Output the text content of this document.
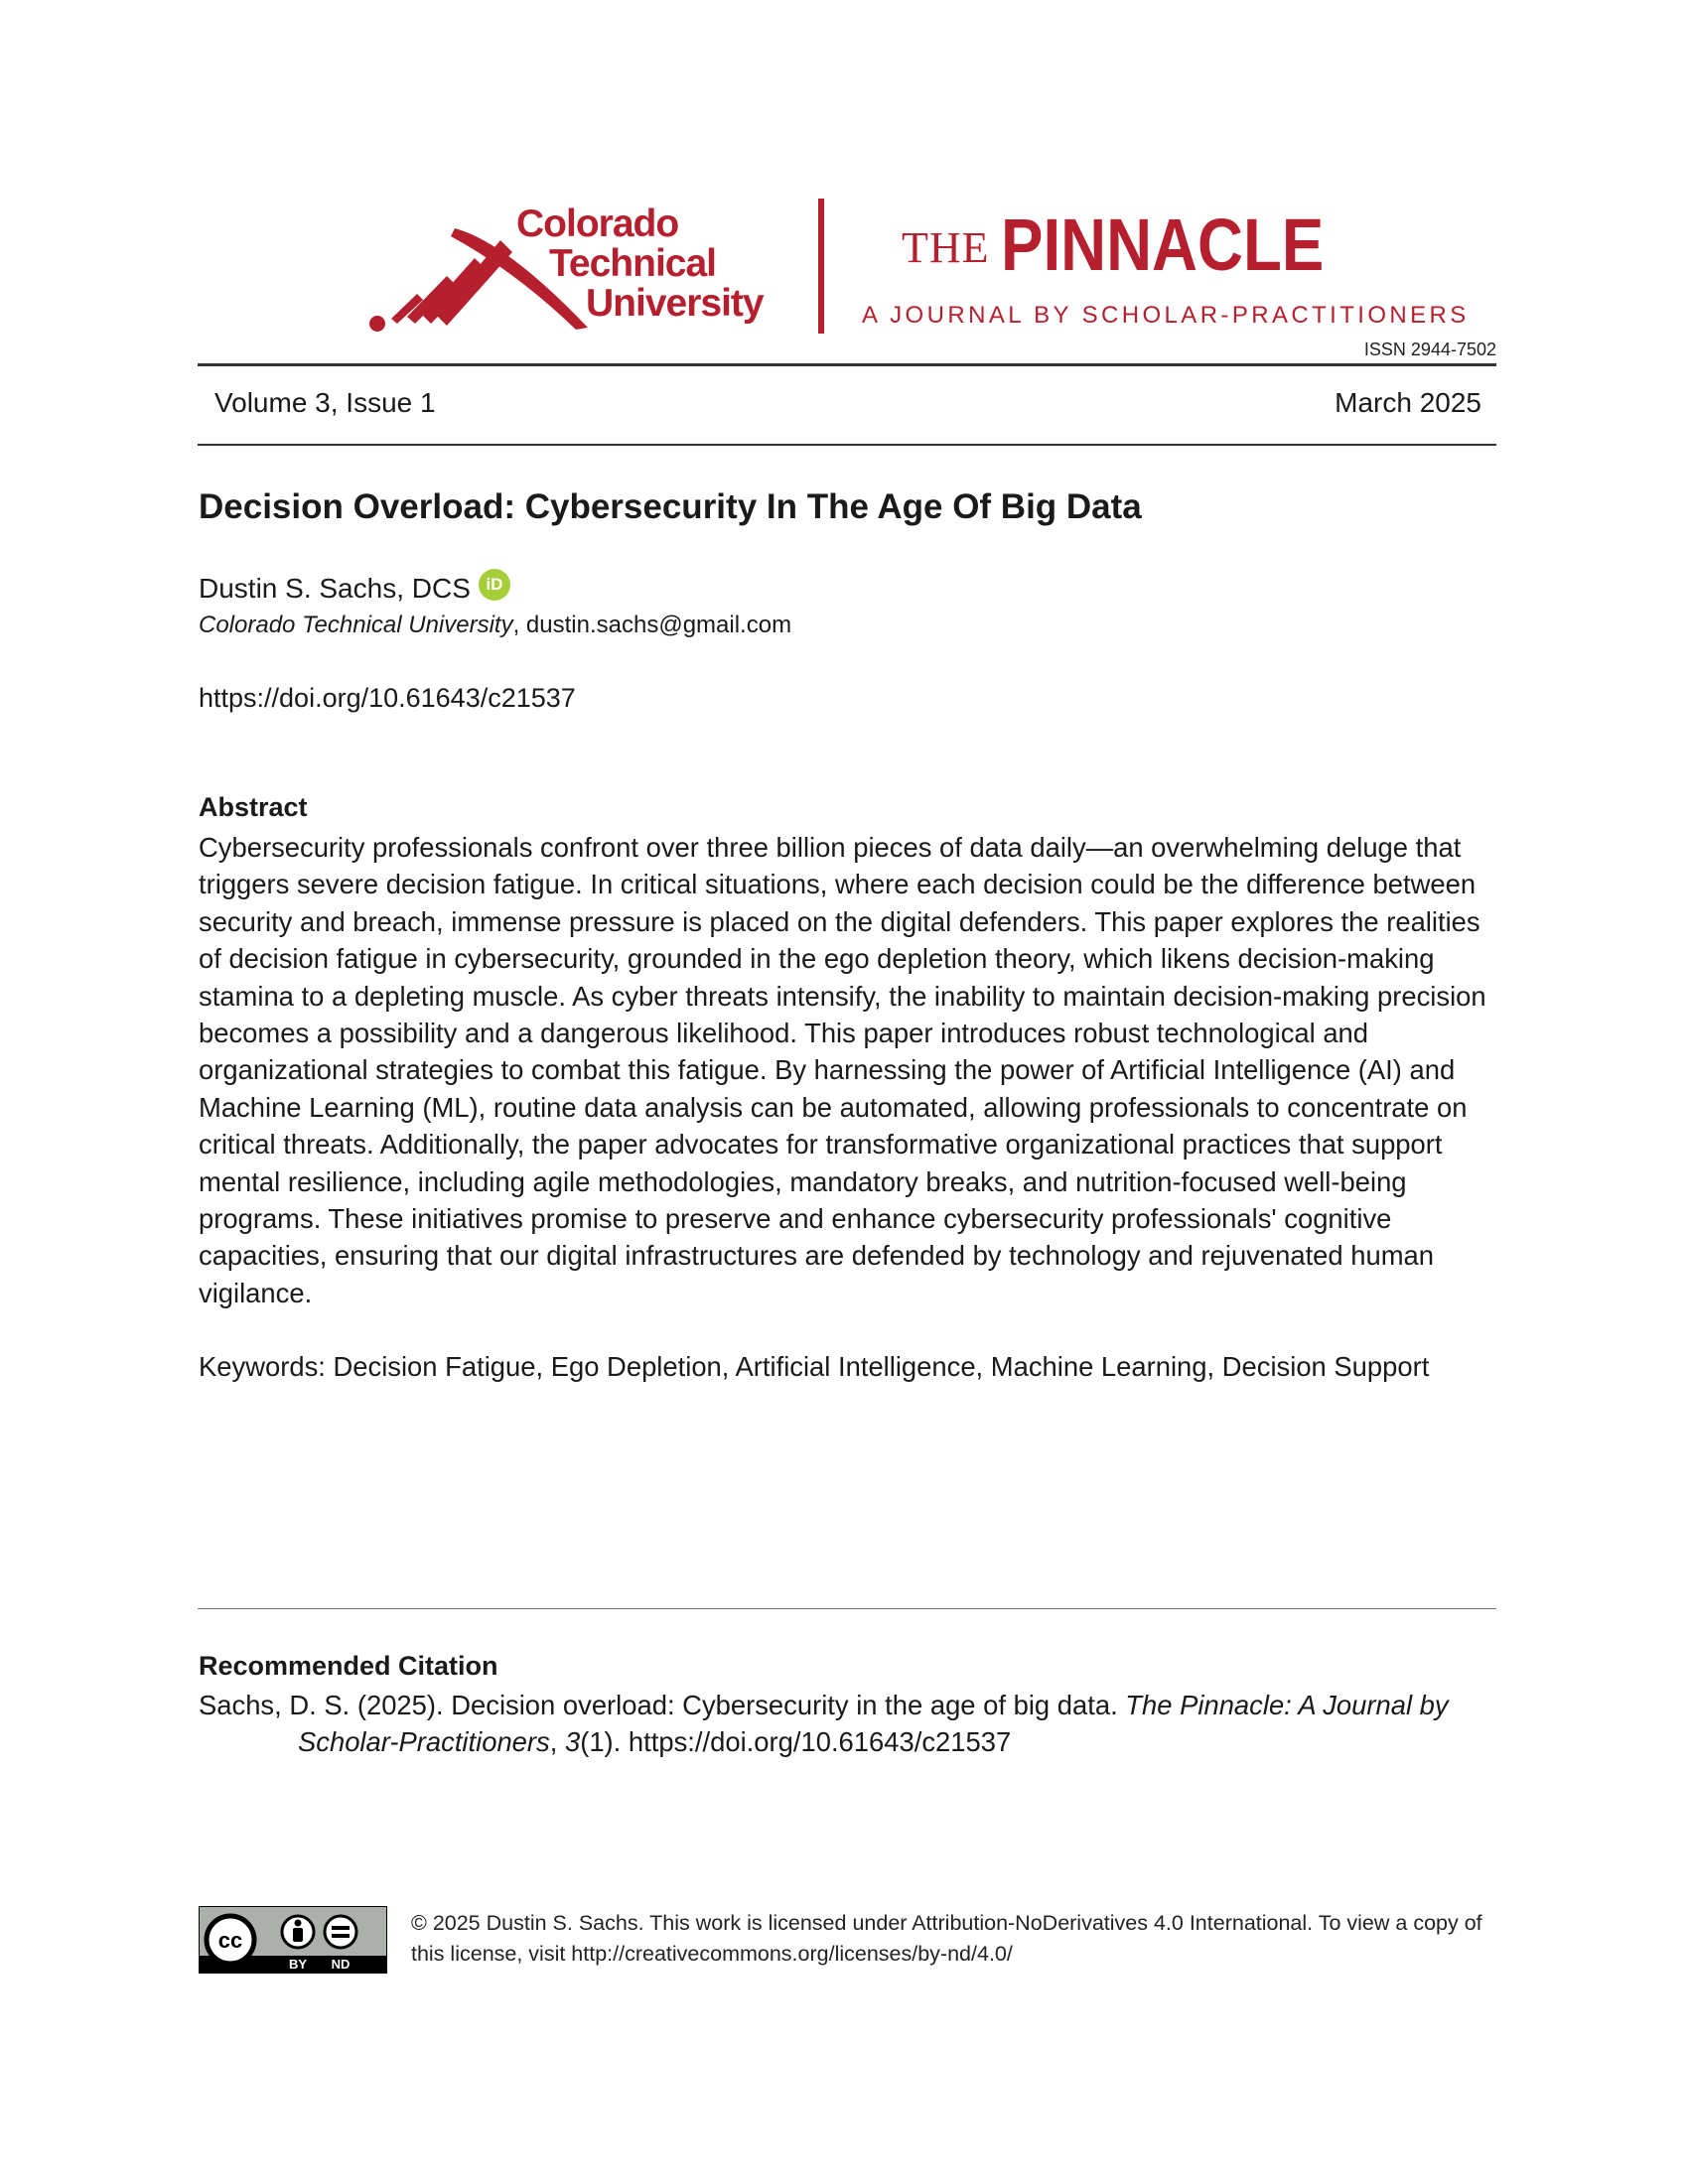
Colorado
Technical
University
THE PINNACLE
A JOURNAL BY SCHOLAR-PRACTITIONERS
ISSN 2944-7502
Volume 3, Issue 1	March 2025
Decision Overload: Cybersecurity In The Age Of Big Data
Dustin S. Sachs, DCS iD
Colorado Technical University, dustin.sachs@gmail.com
https://doi.org/10.61643/c21537
Abstract
Cybersecurity professionals confront over three billion pieces of data daily—an overwhelming deluge that triggers severe decision fatigue. In critical situations, where each decision could be the difference between security and breach, immense pressure is placed on the digital defenders. This paper explores the realities of decision fatigue in cybersecurity, grounded in the ego depletion theory, which likens decision-making stamina to a depleting muscle. As cyber threats intensify, the inability to maintain decision-making precision becomes a possibility and a dangerous likelihood. This paper introduces robust technological and organizational strategies to combat this fatigue. By harnessing the power of Artificial Intelligence (AI) and Machine Learning (ML), routine data analysis can be automated, allowing professionals to concentrate on critical threats. Additionally, the paper advocates for transformative organizational practices that support mental resilience, including agile methodologies, mandatory breaks, and nutrition-focused well-being programs. These initiatives promise to preserve and enhance cybersecurity professionals' cognitive capacities, ensuring that our digital infrastructures are defended by technology and rejuvenated human vigilance.
Keywords: Decision Fatigue, Ego Depletion, Artificial Intelligence, Machine Learning, Decision Support
Recommended Citation
Sachs, D. S. (2025). Decision overload: Cybersecurity in the age of big data. The Pinnacle: A Journal by Scholar-Practitioners, 3(1). https://doi.org/10.61643/c21537
cc
BY ND
© 2025 Dustin S. Sachs. This work is licensed under Attribution-NoDerivatives 4.0 International. To view a copy of this license, visit http://creativecommons.org/licenses/by-nd/4.0/
